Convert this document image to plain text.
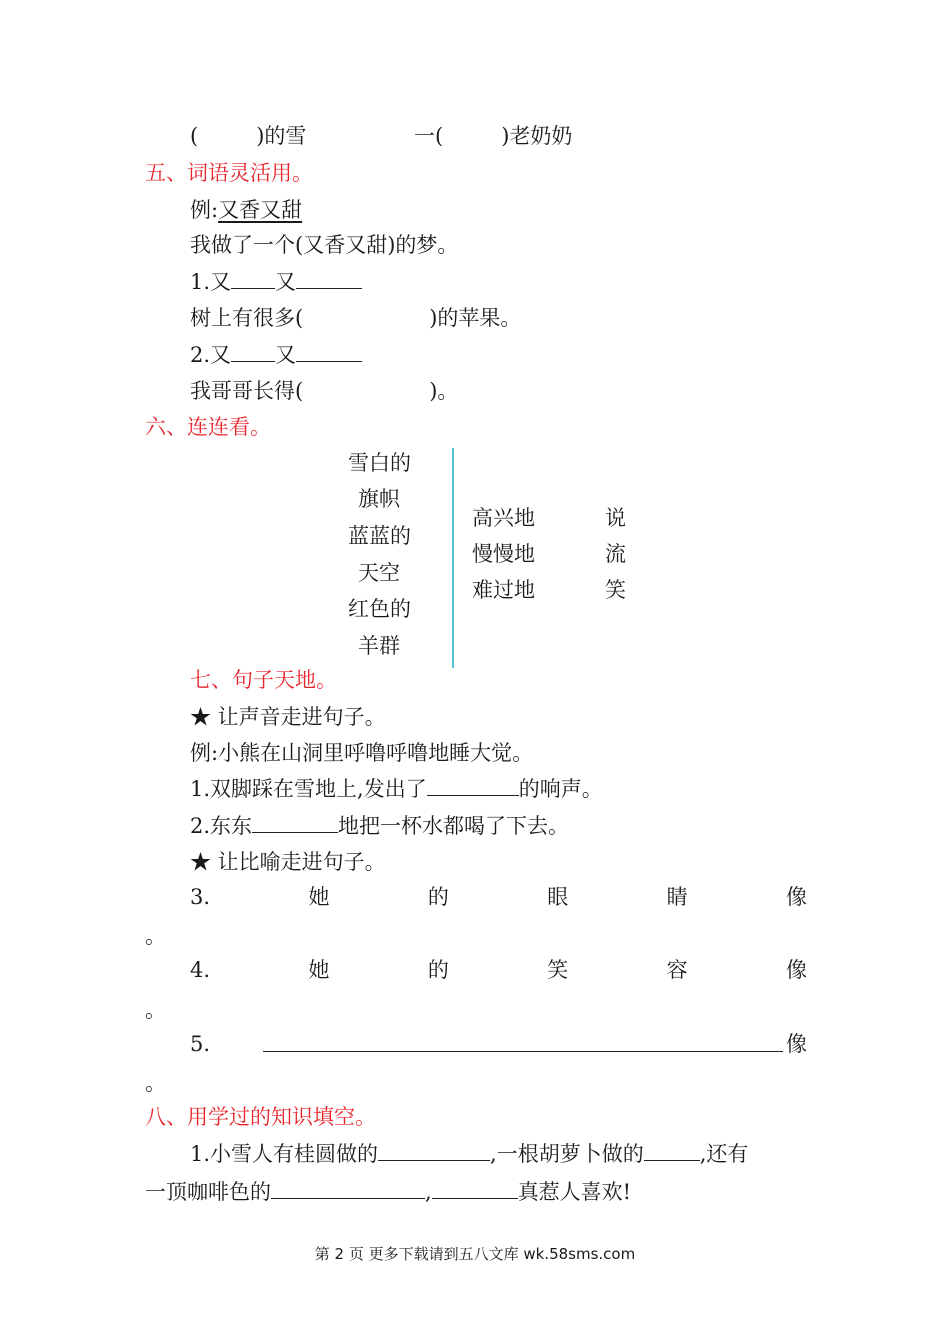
(	)的雪	一(	)老奶奶
五、词语灵活用。
例:又香又甜
我做了一个(又香又甜)的梦。
1.又 又
树上有很多(	)的苹果。
2.又 又
我哥哥长得(	)。
六、连连看。
雪白的
旗帜
蓝蓝的
天空
红色的
羊群
高兴地
慢慢地
难过地
说
流
笑
七、句子天地。
★ 让声音走进句子。
例:小熊在山洞里呼噜呼噜地睡大觉。
1.双脚踩在雪地上,发出了	的响声。
2.东东	地把一杯水都喝了下去。
★ 让比喻走进句子。
3.	她	的	眼	睛	像
。
4.	她	的	笑	容	像
。
5.	像
。
八、用学过的知识填空。
1.小雪人有桂圆做的	,一根胡萝卜做的	,还有
一顶咖啡色的	,	真惹人喜欢!
第 2 页 更多下载请到五八文库 wk.58sms.com
